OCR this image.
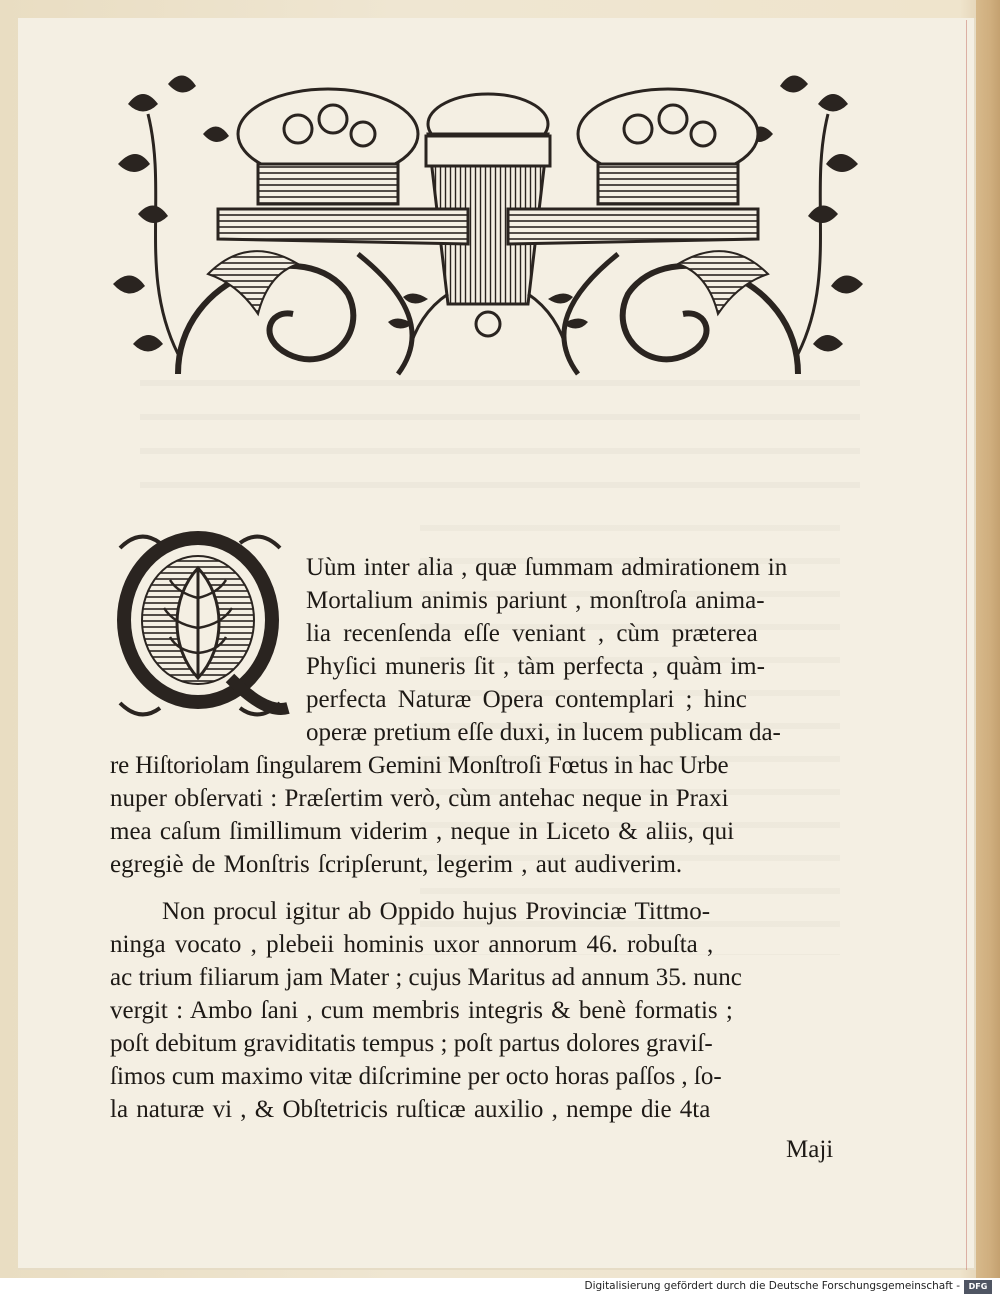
Uùm inter alia , quæ ſummam admirationem in
Mortalium animis pariunt , monſtroſa anima-
lia recenſenda eſſe veniant , cùm præterea
Phyſici muneris ſit , tàm perfecta , quàm im-
perfecta Naturæ Opera contemplari ; hinc
operæ pretium eſſe duxi, in lucem publicam da-
re Hiſtoriolam ſingularem Gemini Monſtroſi Fœtus in hac Urbe
nuper obſervati : Præſertim verò, cùm antehac neque in Praxi
mea caſum ſimillimum viderim , neque in Liceto & aliis, qui
egregiè de Monſtris ſcripſerunt, legerim , aut audiverim.
Non procul igitur ab Oppido hujus Provinciæ Tittmo-
ninga vocato , plebeii hominis uxor annorum 46. robuſta ,
ac trium filiarum jam Mater ; cujus Maritus ad annum 35. nunc
vergit : Ambo ſani , cum membris integris & benè formatis ;
poſt debitum graviditatis tempus ; poſt partus dolores graviſ-
ſimos cum maximo vitæ diſcrimine per octo horas paſſos , ſo-
la naturæ vi , & Obſtetricis ruſticæ auxilio , nempe die 4ta
Maji
Digitalisierung gefördert durch die Deutsche Forschungsgemeinschaft -	DFG
